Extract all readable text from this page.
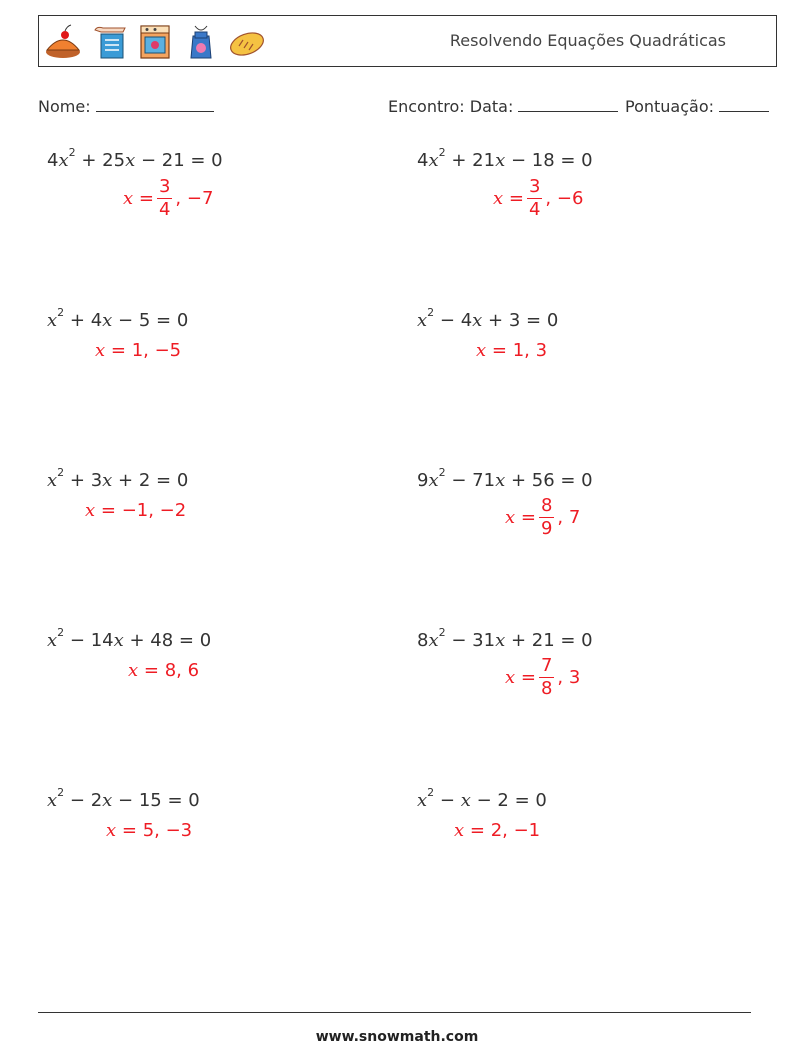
Resolvendo Equações Quadráticas
Nome:	Encontro: Data:	Pontuação:
$4x^2 + 25x - 21 = 0$
$x = \frac{3}{4}$ , −7
$4x^2 + 21x - 18 = 0$
$x = \frac{3}{4}$ , −6
$x^2 + 4x - 5 = 0$
x = 1, −5
$x^2 - 4x + 3 = 0$
x = 1, 3
$x^2 + 3x + 2 = 0$
x = −1, −2
$9x^2 - 71x + 56 = 0$
$x = \frac{8}{9}$ , 7
$x^2 - 14x + 48 = 0$
x = 8, 6
$8x^2 - 31x + 21 = 0$
$x = \frac{7}{8}$ , 3
$x^2 - 2x - 15 = 0$
x = 5, −3
$x^2 - x - 2 = 0$
x = 2, −1
www.snowmath.com
